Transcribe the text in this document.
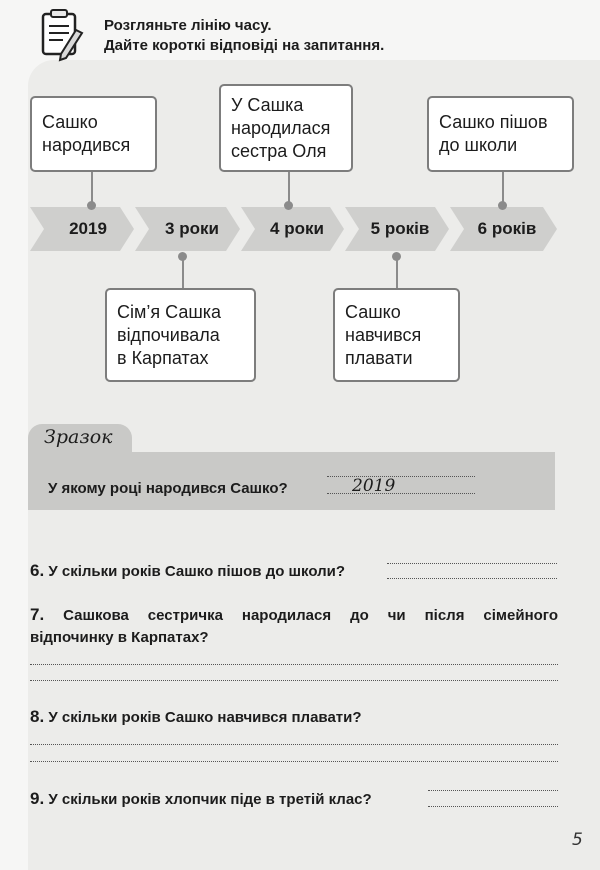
Розгляньте лінію часу.
Дайте короткі відповіді на запитання.
2019	3 роки	4 роки	5 років	6 років
Сашко
народився
У Сашка
народилася
сестра Оля
Сашко пішов
до школи
Сім’я Сашка
відпочивала
в Карпатах
Сашко
навчився
плавати
Зразок
У якому році народився Сашко?	2019
6. У скільки років Сашко пішов до школи?
7. Сашкова сестричка народилася до чи після сімейного
відпочинку в Карпатах?
8. У скільки років Сашко навчився плавати?
9. У скільки років хлопчик піде в третій клас?
5
